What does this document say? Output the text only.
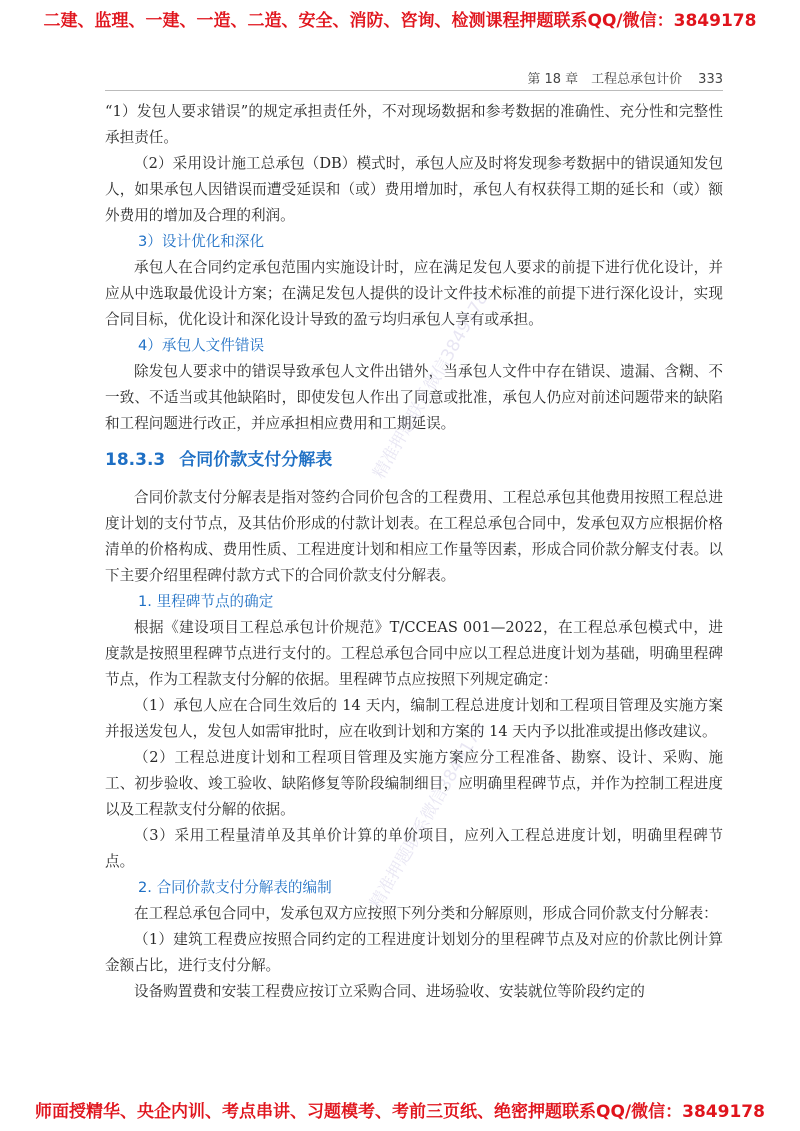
二建、监理、一建、一造、二造、安全、消防、咨询、检测课程押题联系QQ/微信：3849178
第 18 章　工程总承包计价 333

“1）发包人要求错误”的规定承担责任外，不对现场数据和参考数据的准确性、充分性和完整性承担责任。

（2）采用设计施工总承包（DB）模式时，承包人应及时将发现参考数据中的错误通知发包人，如果承包人因错误而遭受延误和（或）费用增加时，承包人有权获得工期的延长和（或）额外费用的增加及合理的利润。

3）设计优化和深化

承包人在合同约定承包范围内实施设计时，应在满足发包人要求的前提下进行优化设计，并应从中选取最优设计方案；在满足发包人提供的设计文件技术标准的前提下进行深化设计，实现合同目标，优化设计和深化设计导致的盈亏均归承包人享有或承担。

4）承包人文件错误

除发包人要求中的错误导致承包人文件出错外，当承包人文件中存在错误、遗漏、含糊、不一致、不适当或其他缺陷时，即使发包人作出了同意或批准，承包人仍应对前述问题带来的缺陷和工程问题进行改正，并应承担相应费用和工期延误。

18.3.3 合同价款支付分解表

合同价款支付分解表是指对签约合同价包含的工程费用、工程总承包其他费用按照工程总进度计划的支付节点，及其估价形成的付款计划表。在工程总承包合同中，发承包双方应根据价格清单的价格构成、费用性质、工程进度计划和相应工作量等因素，形成合同价款分解支付表。以下主要介绍里程碑付款方式下的合同价款支付分解表。

1. 里程碑节点的确定

根据《建设项目工程总承包计价规范》T/CCEAS 001—2022，在工程总承包模式中，进度款是按照里程碑节点进行支付的。工程总承包合同中应以工程总进度计划为基础，明确里程碑节点，作为工程款支付分解的依据。里程碑节点应按照下列规定确定：

（1）承包人应在合同生效后的 14 天内，编制工程总进度计划和工程项目管理及实施方案并报送发包人，发包人如需审批时，应在收到计划和方案的 14 天内予以批准或提出修改建议。

（2）工程总进度计划和工程项目管理及实施方案应分工程准备、勘察、设计、采购、施工、初步验收、竣工验收、缺陷修复等阶段编制细目，应明确里程碑节点，并作为控制工程进度以及工程款支付分解的依据。

（3）采用工程量清单及其单价计算的单价项目，应列入工程总进度计划，明确里程碑节点。

2. 合同价款支付分解表的编制

在工程总承包合同中，发承包双方应按照下列分类和分解原则，形成合同价款支付分解表：

（1）建筑工程费应按照合同约定的工程进度计划划分的里程碑节点及对应的价款比例计算金额占比，进行支付分解。

设备购置费和安装工程费应按订立采购合同、进场验收、安装就位等阶段约定的

精准押题联系微信3849178
精准押题联系微信3849178
师面授精华、央企内训、考点串讲、习题模考、考前三页纸、绝密押题联系QQ/微信：3849178
